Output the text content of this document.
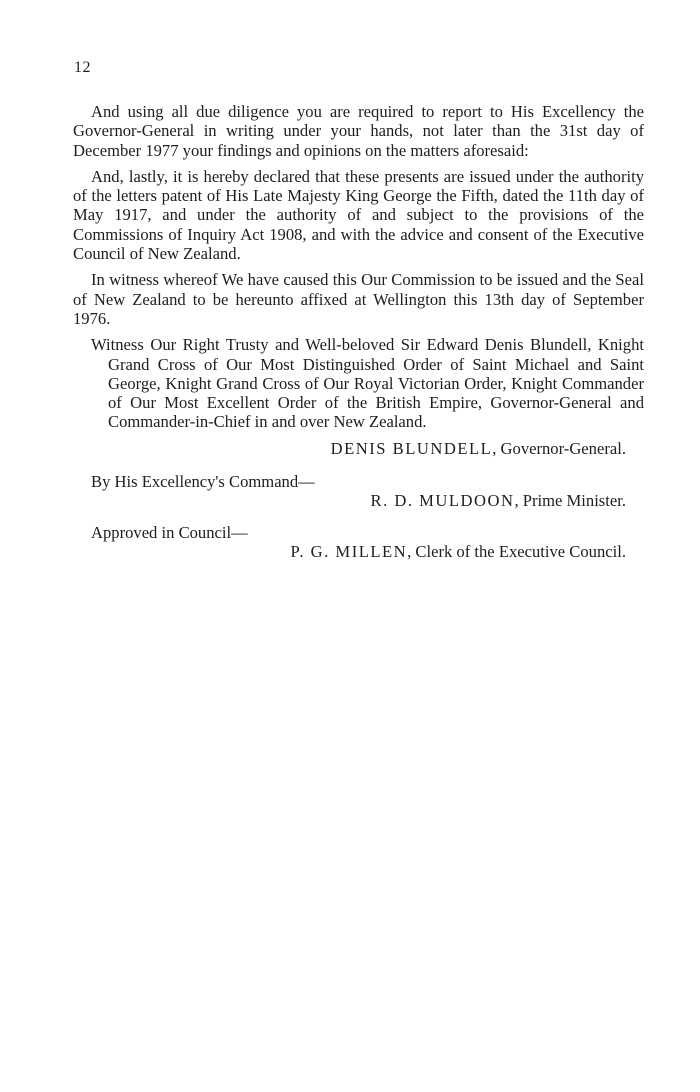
12

And using all due diligence you are required to report to His Excellency the Governor-General in writing under your hands, not later than the 31st day of December 1977 your findings and opinions on the matters aforesaid:

And, lastly, it is hereby declared that these presents are issued under the authority of the letters patent of His Late Majesty King George the Fifth, dated the 11th day of May 1917, and under the authority of and subject to the provisions of the Commissions of Inquiry Act 1908, and with the advice and consent of the Executive Council of New Zealand.

In witness whereof We have caused this Our Commission to be issued and the Seal of New Zealand to be hereunto affixed at Wellington this 13th day of September 1976.

Witness Our Right Trusty and Well-beloved Sir Edward Denis Blundell, Knight Grand Cross of Our Most Distinguished Order of Saint Michael and Saint George, Knight Grand Cross of Our Royal Victorian Order, Knight Commander of Our Most Excellent Order of the British Empire, Governor-General and Commander-in-Chief in and over New Zealand.

DENIS BLUNDELL, Governor-General.

By His Excellency's Command—

R. D. MULDOON, Prime Minister.

Approved in Council—

P. G. MILLEN, Clerk of the Executive Council.
